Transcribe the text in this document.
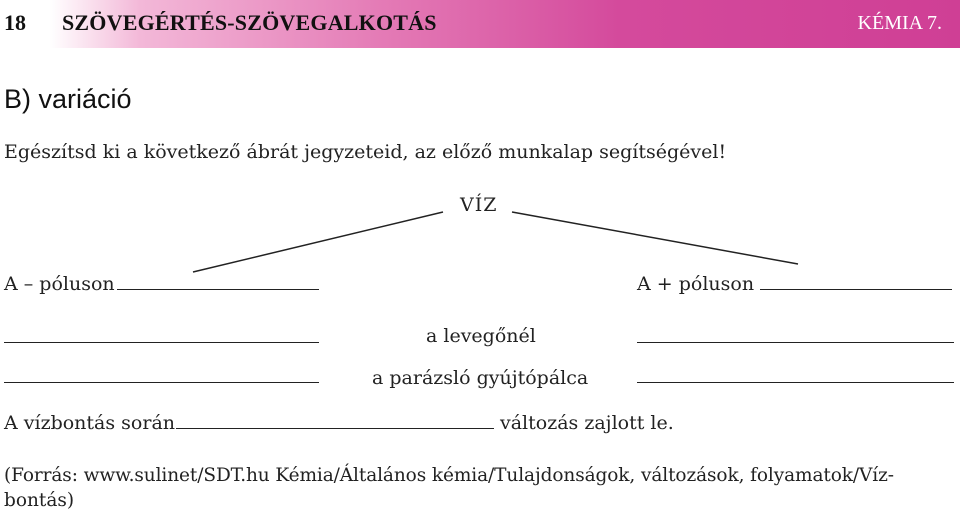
18 SZÖVEGÉRTÉS-SZÖVEGALKOTÁS	KÉMIA 7.
B) variáció
Egészítsd ki a következő ábrát jegyzeteid, az előző munkalap segítségével!
VÍZ
A – póluson	A + póluson
a levegőnél
a parázsló gyújtópálca
A vízbontás során	változás zajlott le.
(Forrás: www.sulinet/SDT.hu Kémia/Általános kémia/Tulajdonságok, változások, folyamatok/Víz-
bontás)
